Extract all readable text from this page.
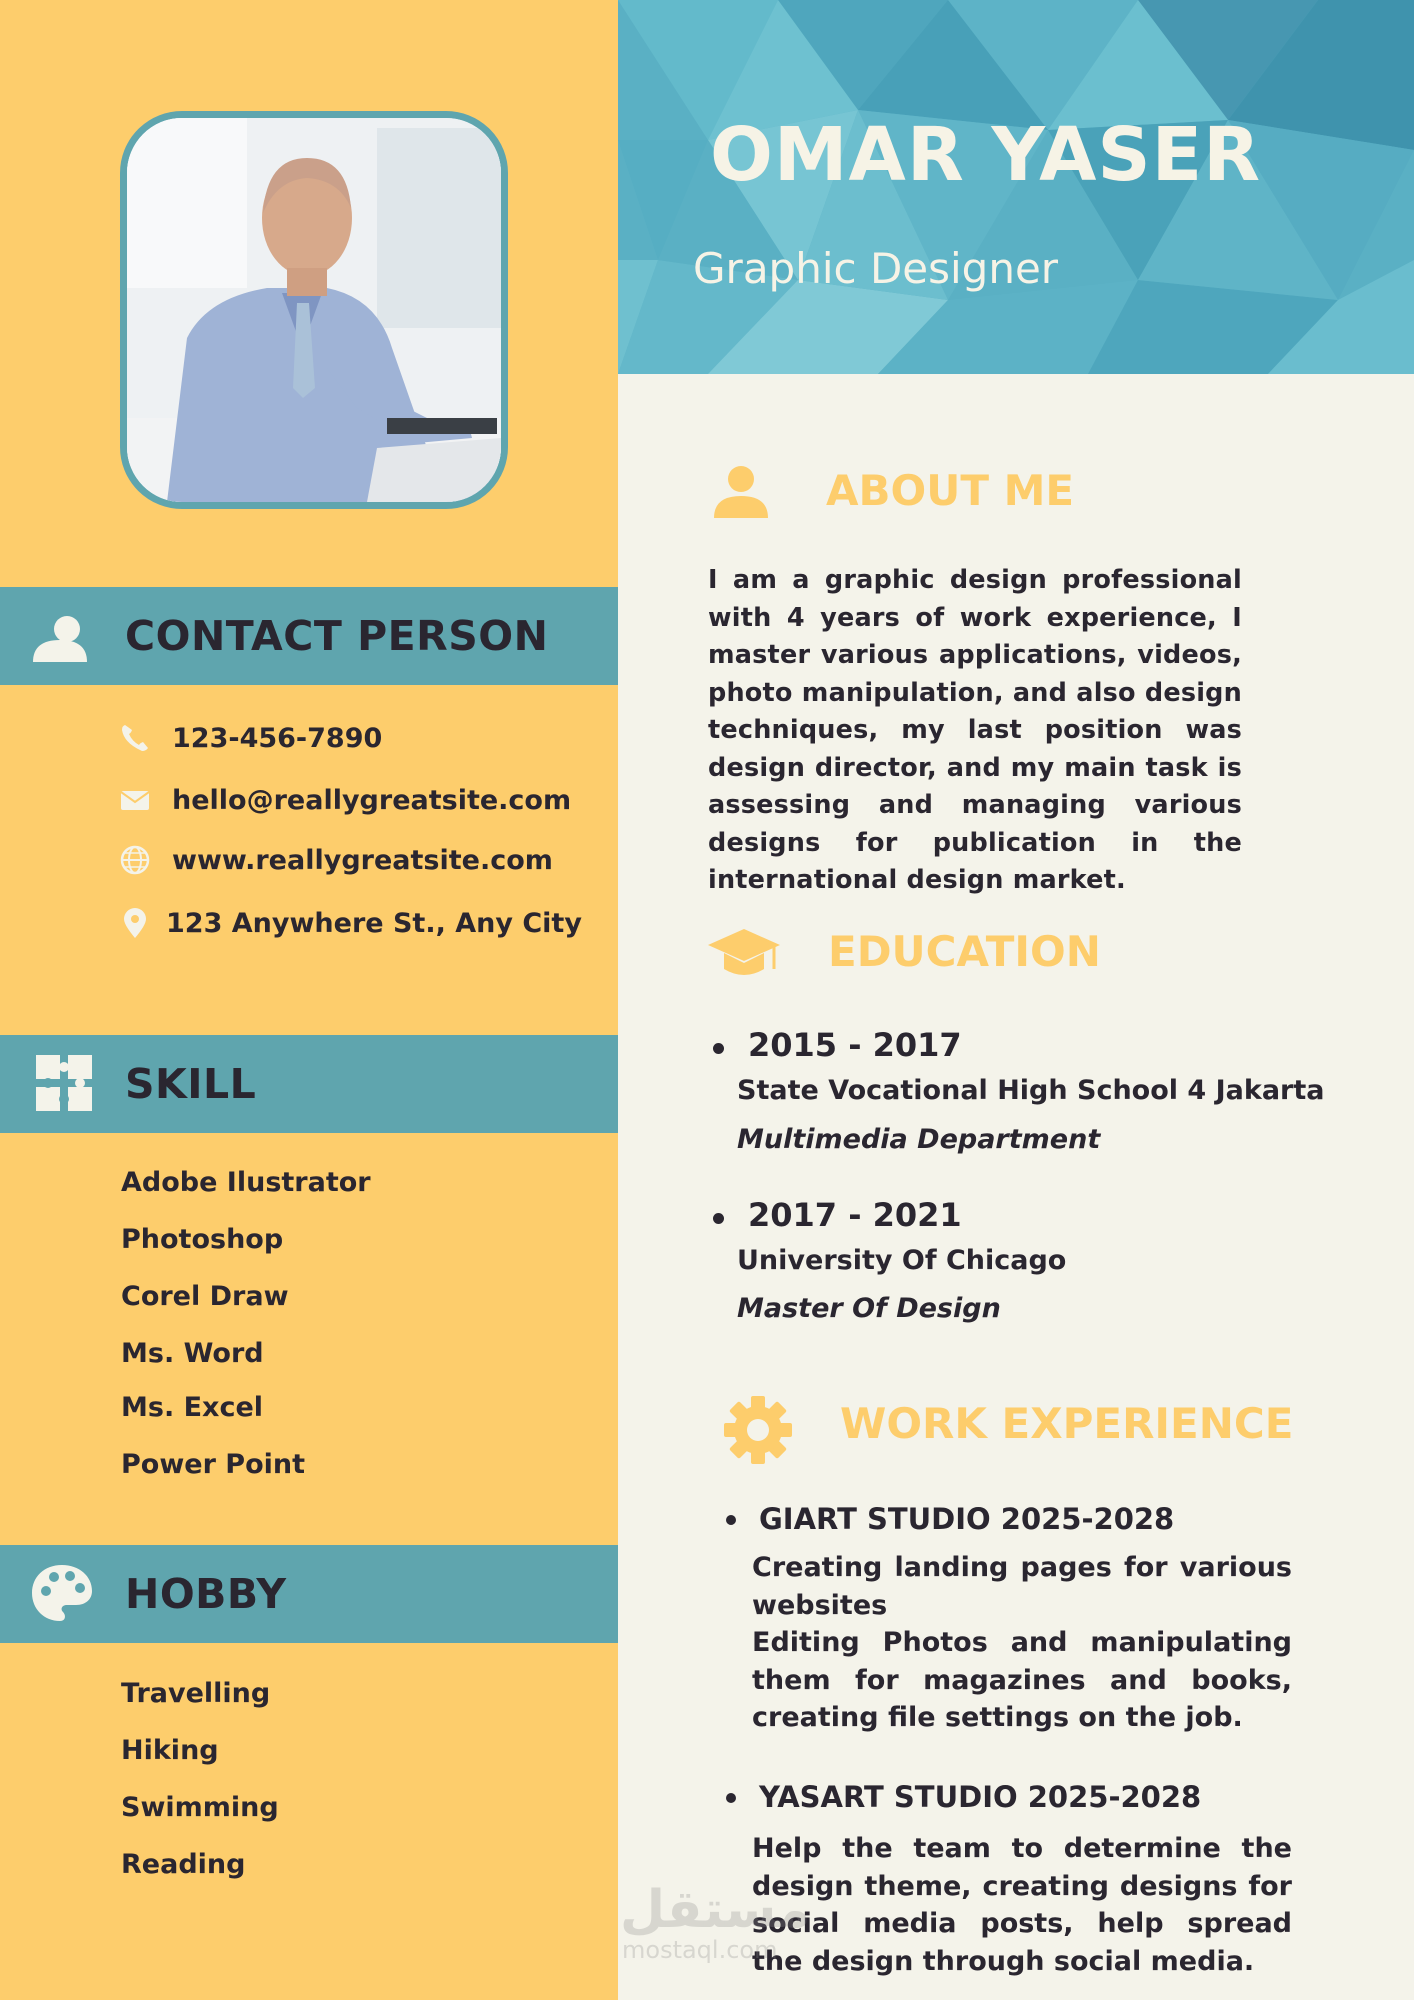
CONTACT PERSON
123-456-7890
hello@reallygreatsite.com
www.reallygreatsite.com
123 Anywhere St., Any City
SKILL
Adobe Ilustrator
Photoshop
Corel Draw
Ms. Word
Ms. Excel
Power Point
HOBBY
Travelling
Hiking
Swimming
Reading
OMAR YASER
Graphic Designer
ABOUT ME
I am a graphic design professional with 4 years of work experience, I master various applications, videos, photo manipulation, and also design techniques, my last position was design director, and my main task is assessing and managing various designs for publication in the international design market.
EDUCATION
2015 - 2017
State Vocational High School 4 Jakarta
Multimedia Department
2017 - 2021
University Of Chicago
Master Of Design
WORK EXPERIENCE
GIART STUDIO 2025-2028
Creating landing pages for various websites
Editing Photos and manipulating them for magazines and books, creating file settings on the job.
YASART STUDIO 2025-2028
Help the team to determine the design theme, creating designs for social media posts, help spread the design through social media.
مستقل
mostaql.com
